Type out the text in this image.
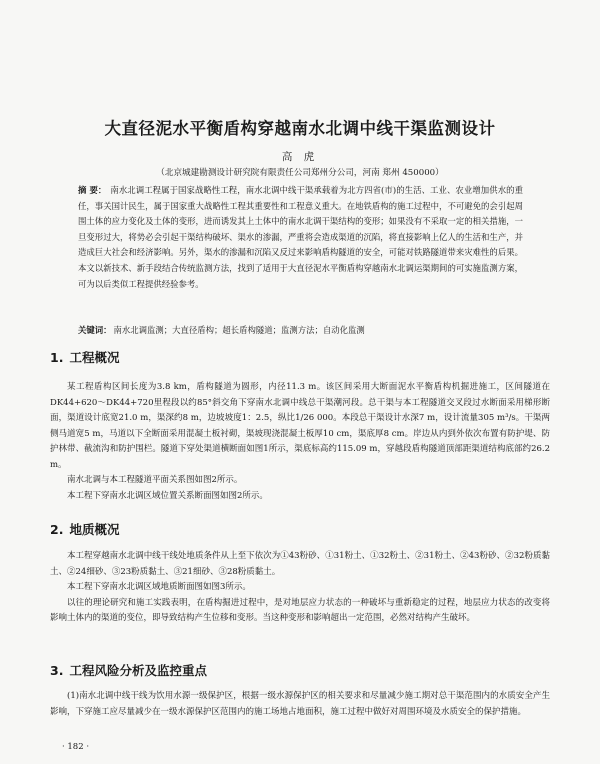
大直径泥水平衡盾构穿越南水北调中线干渠监测设计
高 虎
（北京城建勘测设计研究院有限责任公司郑州分公司，河南 郑州 450000）
摘 要： 南水北调工程属于国家战略性工程，南水北调中线干渠承载着为北方四省(市)的生活、工业、农业增加供水的重任，事关国计民生，属于国家重大战略性工程其重要性和工程意义重大。在地铁盾构的施工过程中，不可避免的会引起周围土体的应力变化及土体的变形，进而诱发其上土体中的南水北调干渠结构的变形；如果没有不采取一定的相关措施，一旦变形过大，将势必会引起干渠结构破坏、渠水的渗漏，严重将会造成渠道的沉陷，将直接影响上亿人的生活和生产，并造成巨大社会和经济影响。另外，渠水的渗漏和沉陷又反过来影响盾构隧道的安全，可能对铁路隧道带来灾难性的后果。本文以新技术、新手段结合传统监测方法，找到了适用于大直径泥水平衡盾构穿越南水北调运渠期间的可实施监测方案，可为以后类似工程提供经验参考。
关键词： 南水北调监测；大直径盾构；超长盾构隧道；监测方法；自动化监测
1. 工程概况
某工程盾构区间长度为3.8 km，盾构隧道为圆形，内径11.3 m。该区间采用大断面泥水平衡盾构机掘进施工，区间隧道在DK44+620～DK44+720里程段以约85°斜交角下穿南水北调中线总干渠潮河段。总干渠与本工程隧道交叉段过水断面采用梯形断面，渠道设计底宽21.0 m，渠深约8 m，边坡坡度1：2.5，纵比1/26 000。本段总干渠设计水深7 m，设计流量305 m³/s。干渠两侧马道宽5 m，马道以下全断面采用混凝土板衬砌，渠坡现浇混凝土板厚10 cm，渠底厚8 cm。岸边从内到外依次布置有防护堤、防护林带、截流沟和防护围栏。隧道下穿处渠道横断面如图1所示，渠底标高约115.09 m，穿越段盾构隧道顶部距渠道结构底部约26.2 m。
南水北调与本工程隧道平面关系图如图2所示。
本工程下穿南水北调区域位置关系断面图如图2所示。
2. 地质概况
本工程穿越南水北调中线干线处地质条件从上至下依次为①43粉砂、①31粉土、①32粉土、②31粉土、②43粉砂、②32粉质黏土、②24细砂、③23粉质黏土、③21细砂、③28粉质黏土。
本工程下穿南水北调区域地质断面图如图3所示。
以往的理论研究和施工实践表明，在盾构掘进过程中，是对地层应力状态的一种破坏与重新稳定的过程，地层应力状态的改变将影响土体内的渠道的变位，即导致结构产生位移和变形。当这种变形和影响超出一定范围，必然对结构产生破坏。
3. 工程风险分析及监控重点
(1)南水北调中线干线为饮用水源一级保护区，根据一级水源保护区的相关要求和尽量减少施工期对总干渠范围内的水质安全产生影响，下穿施工应尽量减少在一级水源保护区范围内的施工场地占地面积，施工过程中做好对周围环境及水质安全的保护措施。
· 182 ·
